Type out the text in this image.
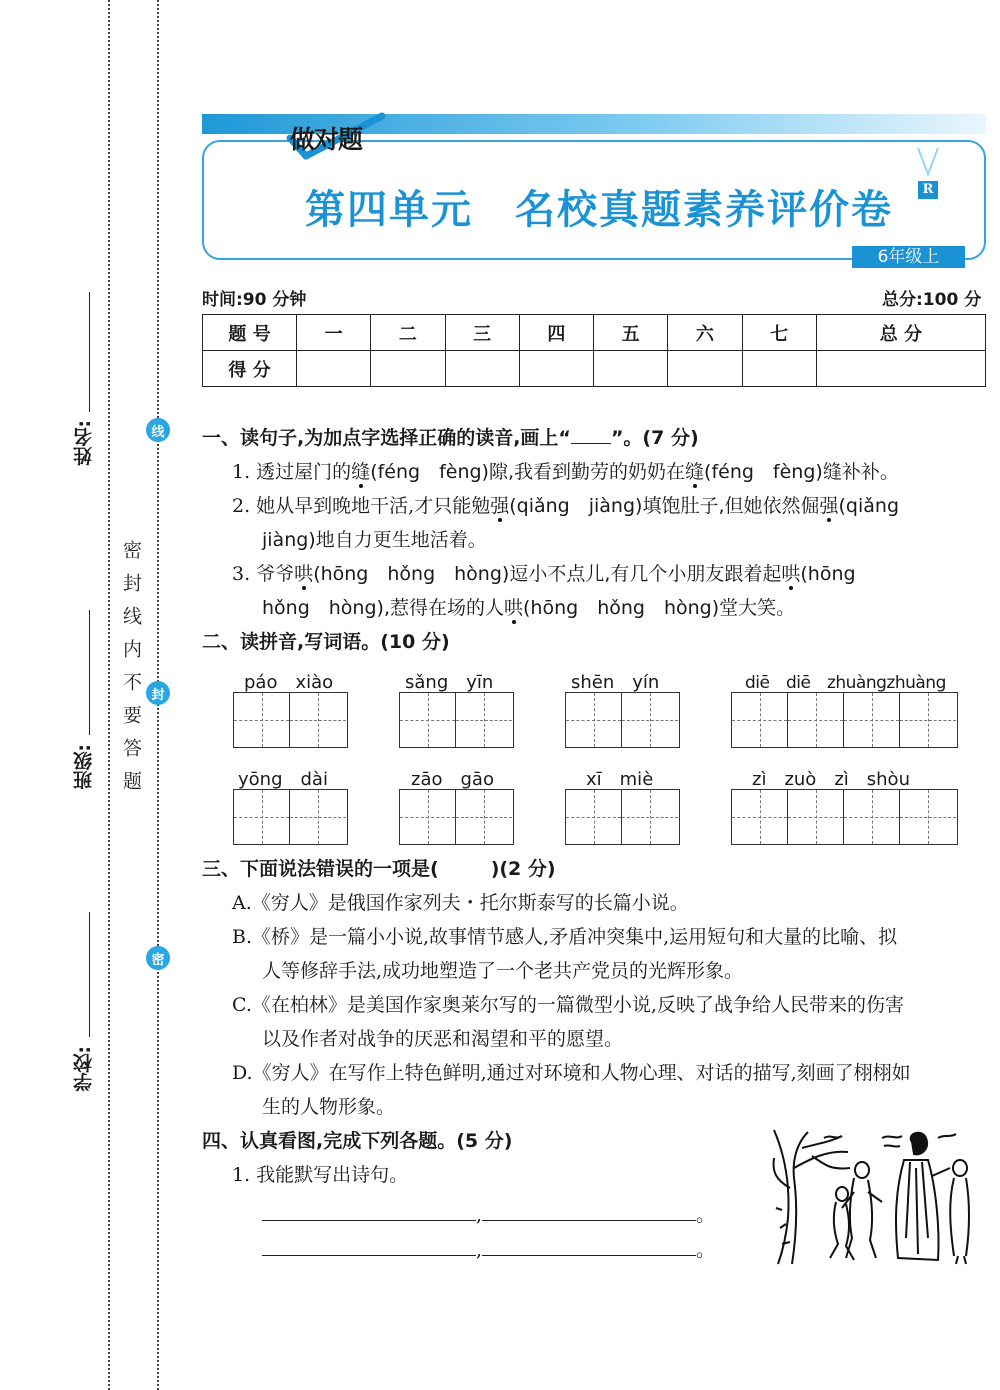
姓名:
班级:
学校:
线
封
密
密封线内不要答题
做对题
第四单元　名校真题素养评价卷	R
6年级上
时间:90 分钟	总分:100 分
题 号	一	二	三	四	五	六	七	总 分
得 分								
一、读句子,为加点字选择正确的读音,画上“ ”。(7 分)
1. 透过屋门的缝(féng　fèng)隙,我看到勤劳的奶奶在缝(féng　fèng)缝补补。
2. 她从早到晚地干活,才只能勉强(qiǎng　jiàng)填饱肚子,但她依然倔强(qiǎng
jiàng)地自力更生地活着。
3. 爷爷哄(hōng　hǒng　hòng)逗小不点儿,有几个小朋友跟着起哄(hōng
hǒng　hòng),惹得在场的人哄(hōng　hǒng　hòng)堂大笑。
二、读拼音,写词语。(10 分)
páo　xiào	sǎng　yīn	shēn　yín	diē　diē　zhuàngzhuàng
yōng　dài	zāo　gāo	xī　miè	zì　zuò　zì　shòu
三、下面说法错误的一项是(	)(2 分)
A.《穷人》是俄国作家列夫・托尔斯泰写的长篇小说。
B.《桥》是一篇小小说,故事情节感人,矛盾冲突集中,运用短句和大量的比喻、拟
人等修辞手法,成功地塑造了一个老共产党员的光辉形象。
C.《在柏林》是美国作家奥莱尔写的一篇微型小说,反映了战争给人民带来的伤害
以及作者对战争的厌恶和渴望和平的愿望。
D.《穷人》在写作上特色鲜明,通过对环境和人物心理、对话的描写,刻画了栩栩如
生的人物形象。
四、认真看图,完成下列各题。(5 分)
1. 我能默写出诗句。
,	。
,	。
